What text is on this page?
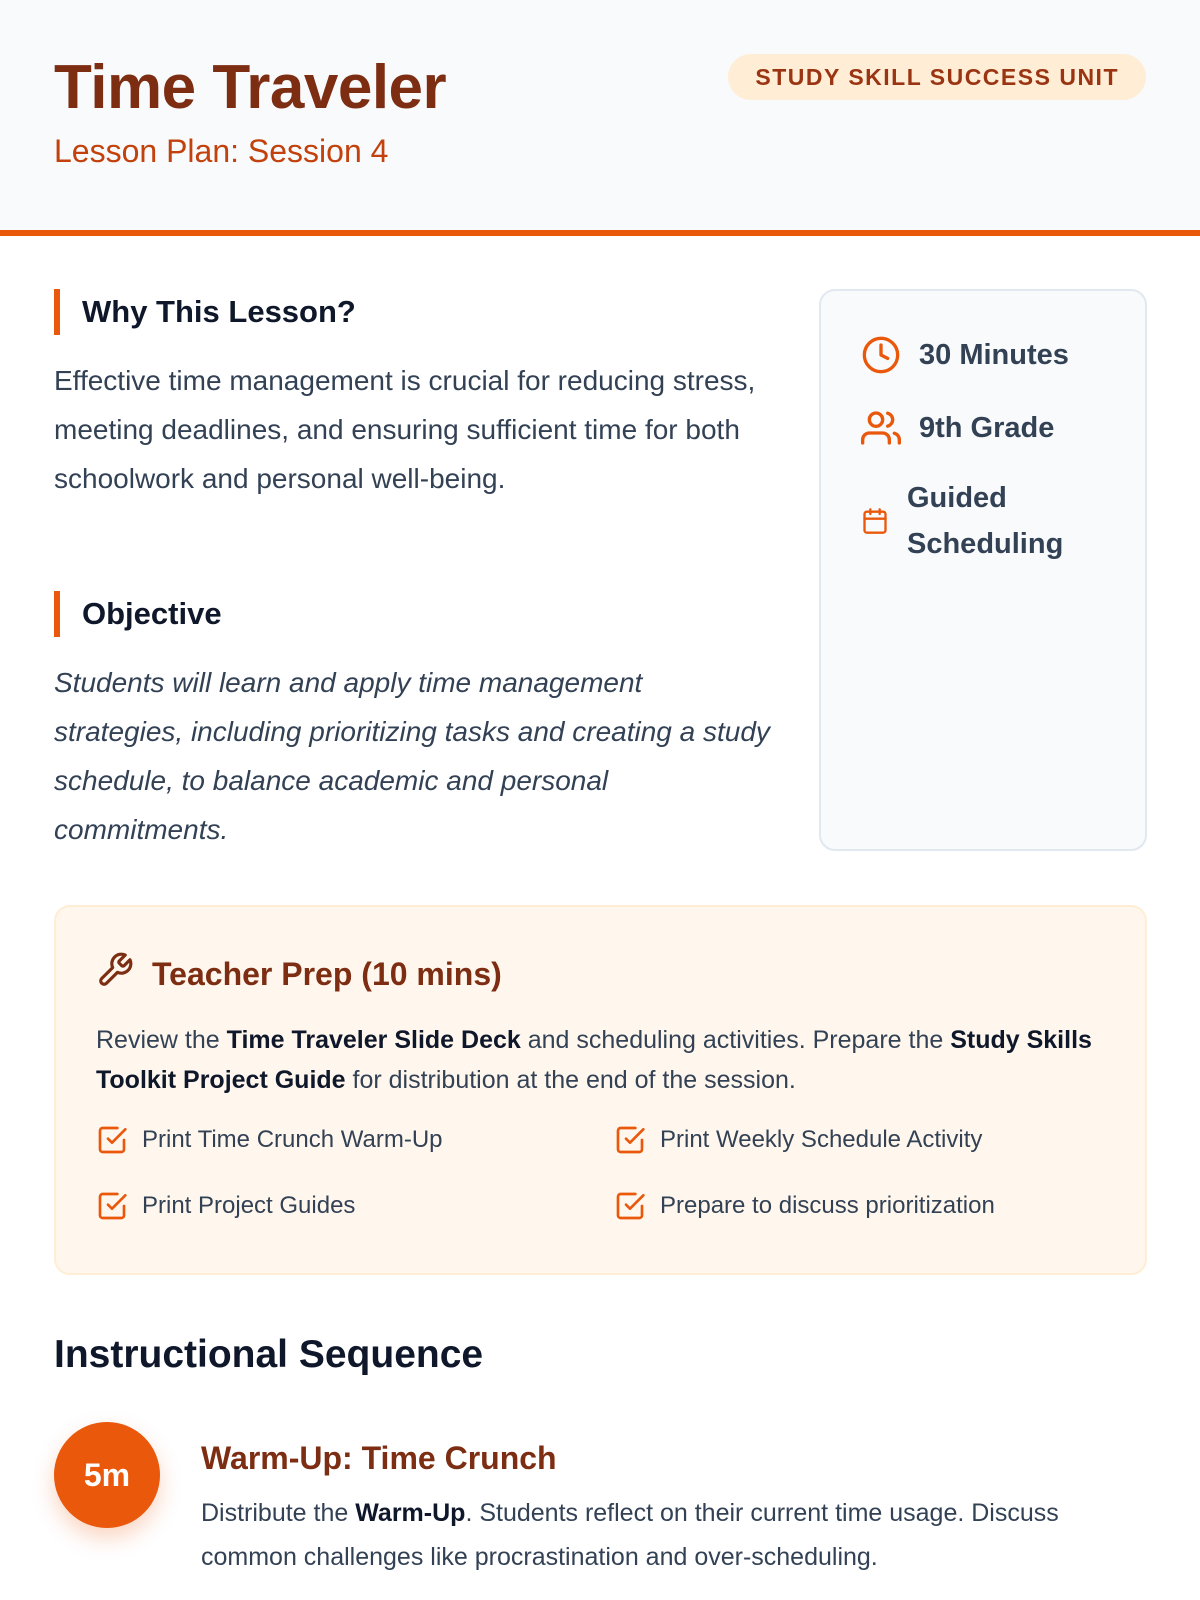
Time Traveler
Lesson Plan: Session 4
STUDY SKILL SUCCESS UNIT
Why This Lesson?
Effective time management is crucial for reducing stress, meeting deadlines, and ensuring sufficient time for both schoolwork and personal well-being.
Objective
Students will learn and apply time management strategies, including prioritizing tasks and creating a study schedule, to balance academic and personal commitments.
30 Minutes
9th Grade
Guided Scheduling
Teacher Prep (10 mins)
Review the Time Traveler Slide Deck and scheduling activities. Prepare the Study Skills Toolkit Project Guide for distribution at the end of the session.
Print Time Crunch Warm-Up	Print Weekly Schedule Activity
Print Project Guides	Prepare to discuss prioritization
Instructional Sequence
5m	Warm-Up: Time Crunch
Distribute the Warm-Up. Students reflect on their current time usage. Discuss common challenges like procrastination and over-scheduling.
